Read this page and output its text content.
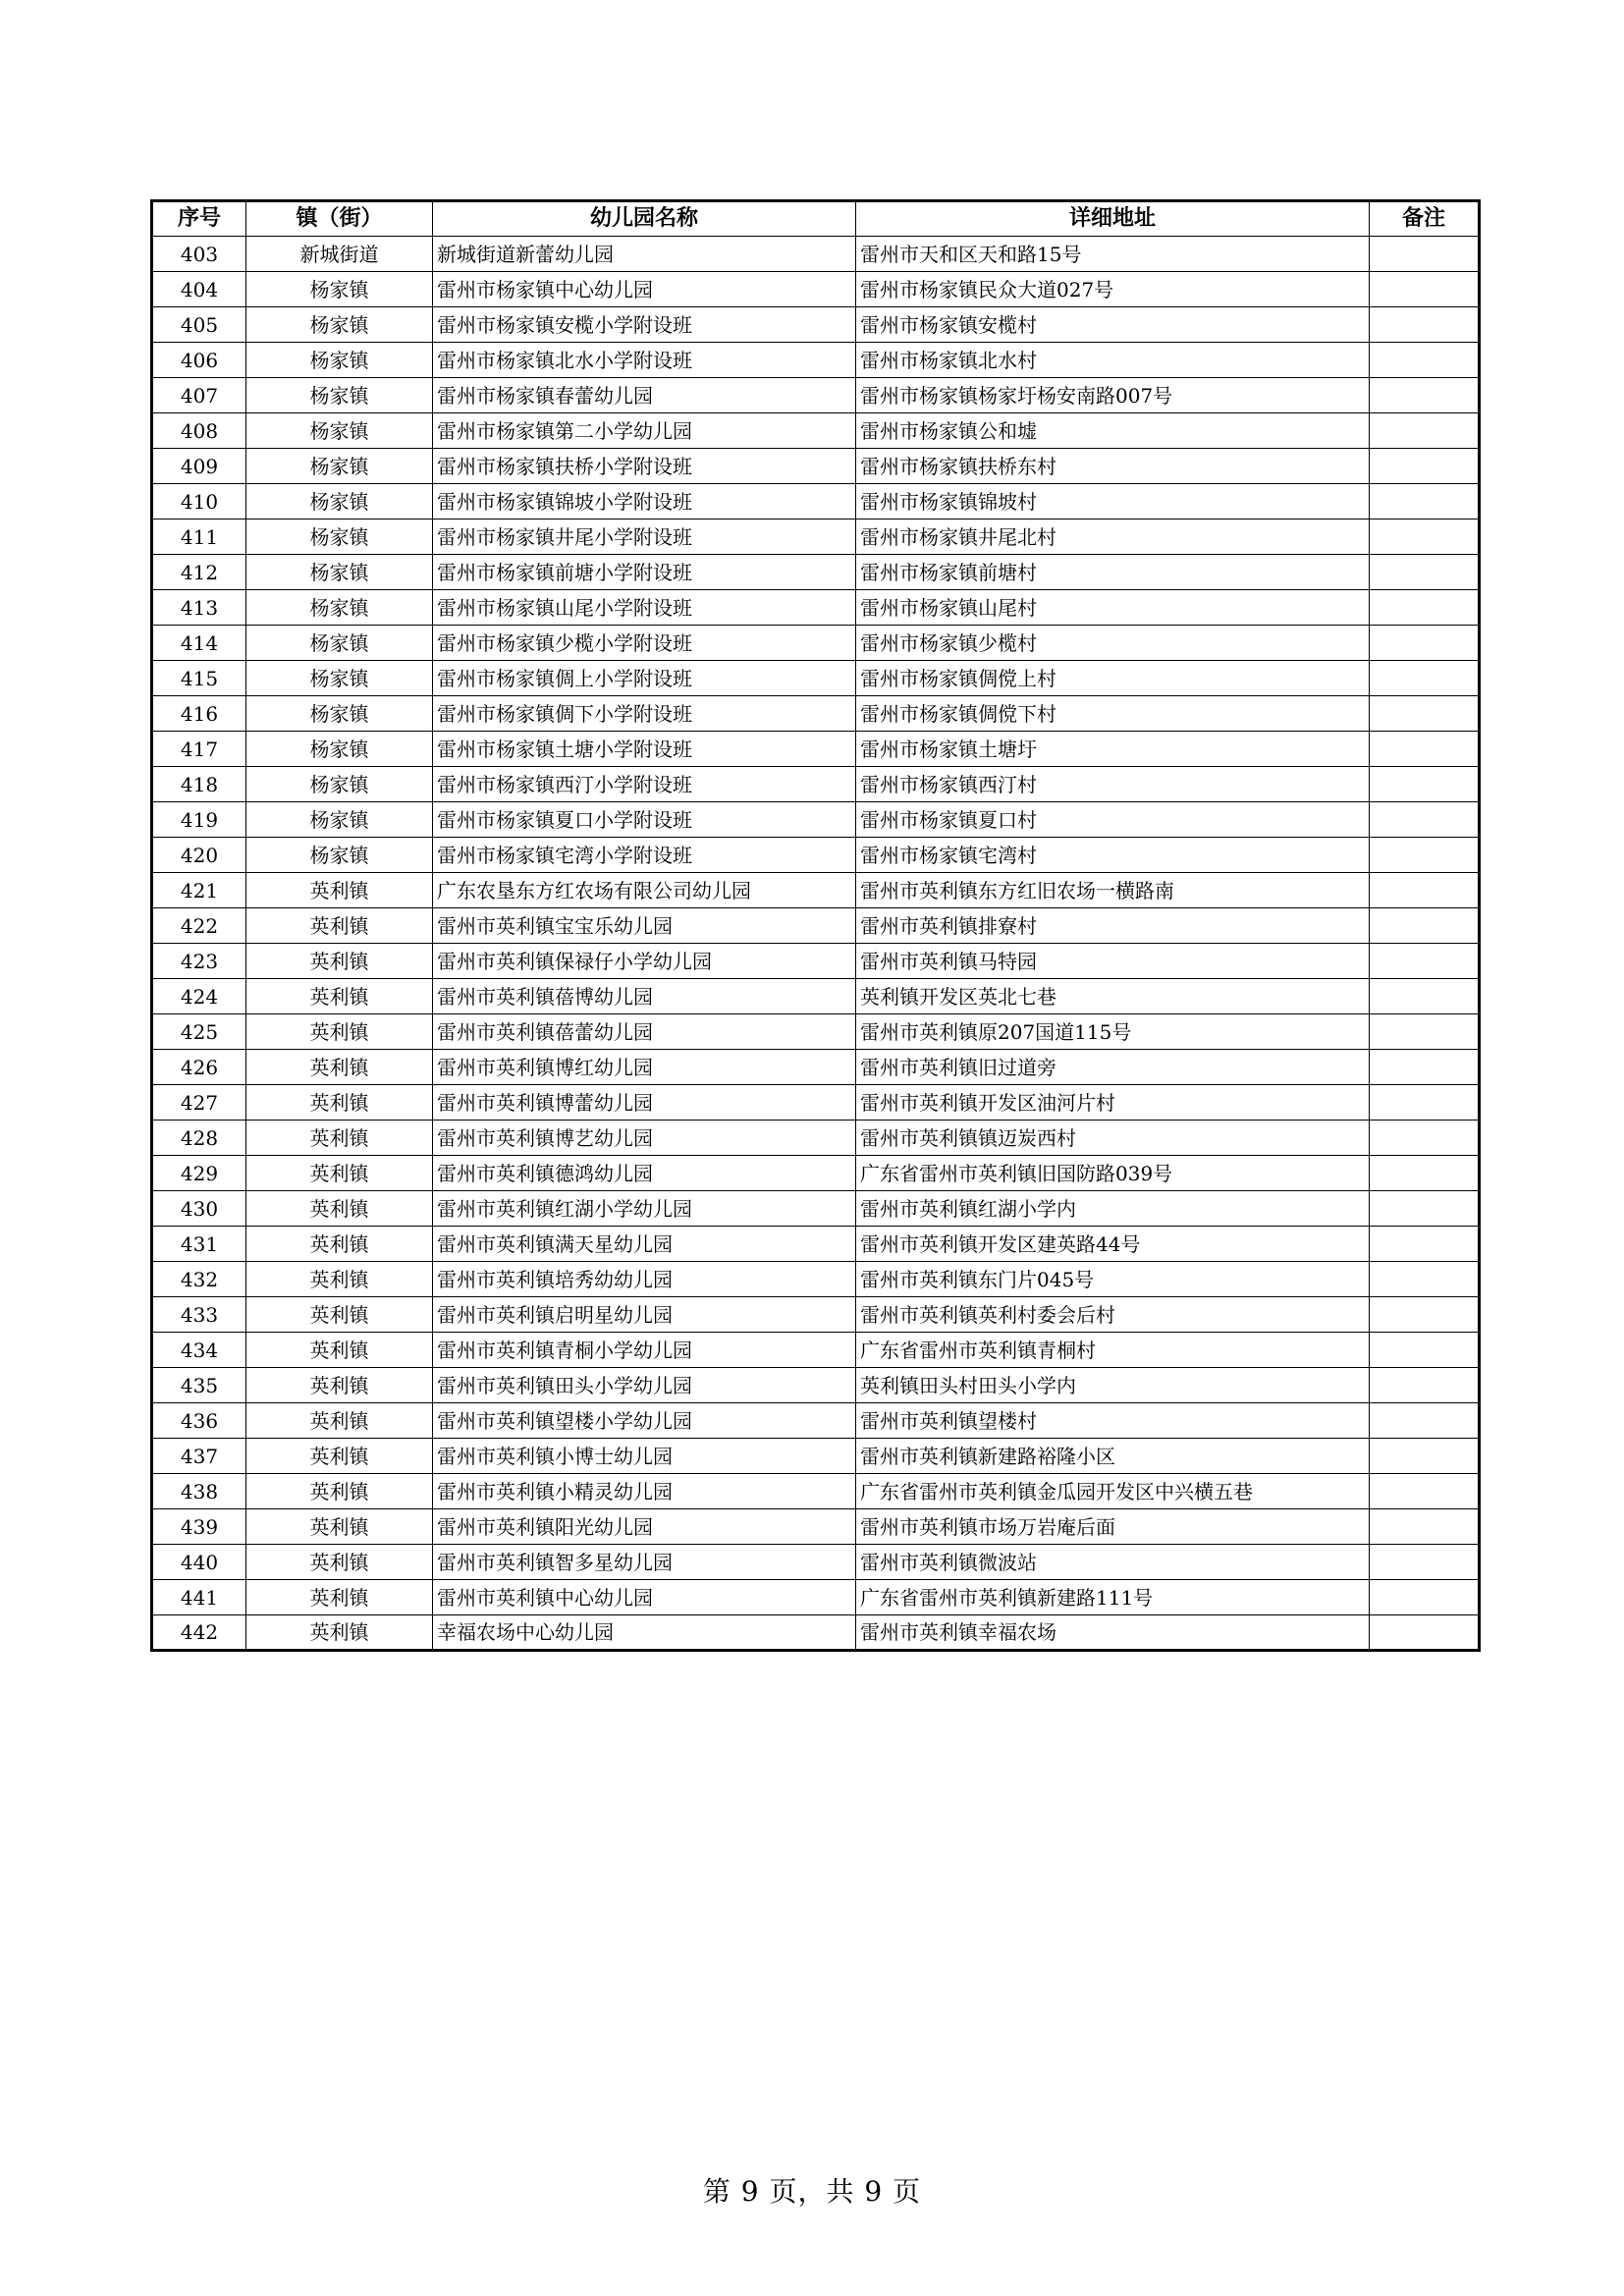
序号	镇（街）	幼儿园名称	详细地址	备注
403	新城街道	新城街道新蕾幼儿园	雷州市天和区天和路15号	
404	杨家镇	雷州市杨家镇中心幼儿园	雷州市杨家镇民众大道027号	
405	杨家镇	雷州市杨家镇安榄小学附设班	雷州市杨家镇安榄村	
406	杨家镇	雷州市杨家镇北水小学附设班	雷州市杨家镇北水村	
407	杨家镇	雷州市杨家镇春蕾幼儿园	雷州市杨家镇杨家圩杨安南路007号	
408	杨家镇	雷州市杨家镇第二小学幼儿园	雷州市杨家镇公和墟	
409	杨家镇	雷州市杨家镇扶桥小学附设班	雷州市杨家镇扶桥东村	
410	杨家镇	雷州市杨家镇锦坡小学附设班	雷州市杨家镇锦坡村	
411	杨家镇	雷州市杨家镇井尾小学附设班	雷州市杨家镇井尾北村	
412	杨家镇	雷州市杨家镇前塘小学附设班	雷州市杨家镇前塘村	
413	杨家镇	雷州市杨家镇山尾小学附设班	雷州市杨家镇山尾村	
414	杨家镇	雷州市杨家镇少榄小学附设班	雷州市杨家镇少榄村	
415	杨家镇	雷州市杨家镇倜上小学附设班	雷州市杨家镇倜傥上村	
416	杨家镇	雷州市杨家镇倜下小学附设班	雷州市杨家镇倜傥下村	
417	杨家镇	雷州市杨家镇土塘小学附设班	雷州市杨家镇土塘圩	
418	杨家镇	雷州市杨家镇西汀小学附设班	雷州市杨家镇西汀村	
419	杨家镇	雷州市杨家镇夏口小学附设班	雷州市杨家镇夏口村	
420	杨家镇	雷州市杨家镇宅湾小学附设班	雷州市杨家镇宅湾村	
421	英利镇	广东农垦东方红农场有限公司幼儿园	雷州市英利镇东方红旧农场一横路南	
422	英利镇	雷州市英利镇宝宝乐幼儿园	雷州市英利镇排寮村	
423	英利镇	雷州市英利镇保禄仔小学幼儿园	雷州市英利镇马特园	
424	英利镇	雷州市英利镇蓓博幼儿园	英利镇开发区英北七巷	
425	英利镇	雷州市英利镇蓓蕾幼儿园	雷州市英利镇原207国道115号	
426	英利镇	雷州市英利镇博红幼儿园	雷州市英利镇旧过道旁	
427	英利镇	雷州市英利镇博蕾幼儿园	雷州市英利镇开发区油河片村	
428	英利镇	雷州市英利镇博艺幼儿园	雷州市英利镇镇迈炭西村	
429	英利镇	雷州市英利镇德鸿幼儿园	广东省雷州市英利镇旧国防路039号	
430	英利镇	雷州市英利镇红湖小学幼儿园	雷州市英利镇红湖小学内	
431	英利镇	雷州市英利镇满天星幼儿园	雷州市英利镇开发区建英路44号	
432	英利镇	雷州市英利镇培秀幼幼儿园	雷州市英利镇东门片045号	
433	英利镇	雷州市英利镇启明星幼儿园	雷州市英利镇英利村委会后村	
434	英利镇	雷州市英利镇青桐小学幼儿园	广东省雷州市英利镇青桐村	
435	英利镇	雷州市英利镇田头小学幼儿园	英利镇田头村田头小学内	
436	英利镇	雷州市英利镇望楼小学幼儿园	雷州市英利镇望楼村	
437	英利镇	雷州市英利镇小博士幼儿园	雷州市英利镇新建路裕隆小区	
438	英利镇	雷州市英利镇小精灵幼儿园	广东省雷州市英利镇金瓜园开发区中兴横五巷	
439	英利镇	雷州市英利镇阳光幼儿园	雷州市英利镇市场万岩庵后面	
440	英利镇	雷州市英利镇智多星幼儿园	雷州市英利镇微波站	
441	英利镇	雷州市英利镇中心幼儿园	广东省雷州市英利镇新建路111号	
442	英利镇	幸福农场中心幼儿园	雷州市英利镇幸福农场	
第 9 页，共 9 页
